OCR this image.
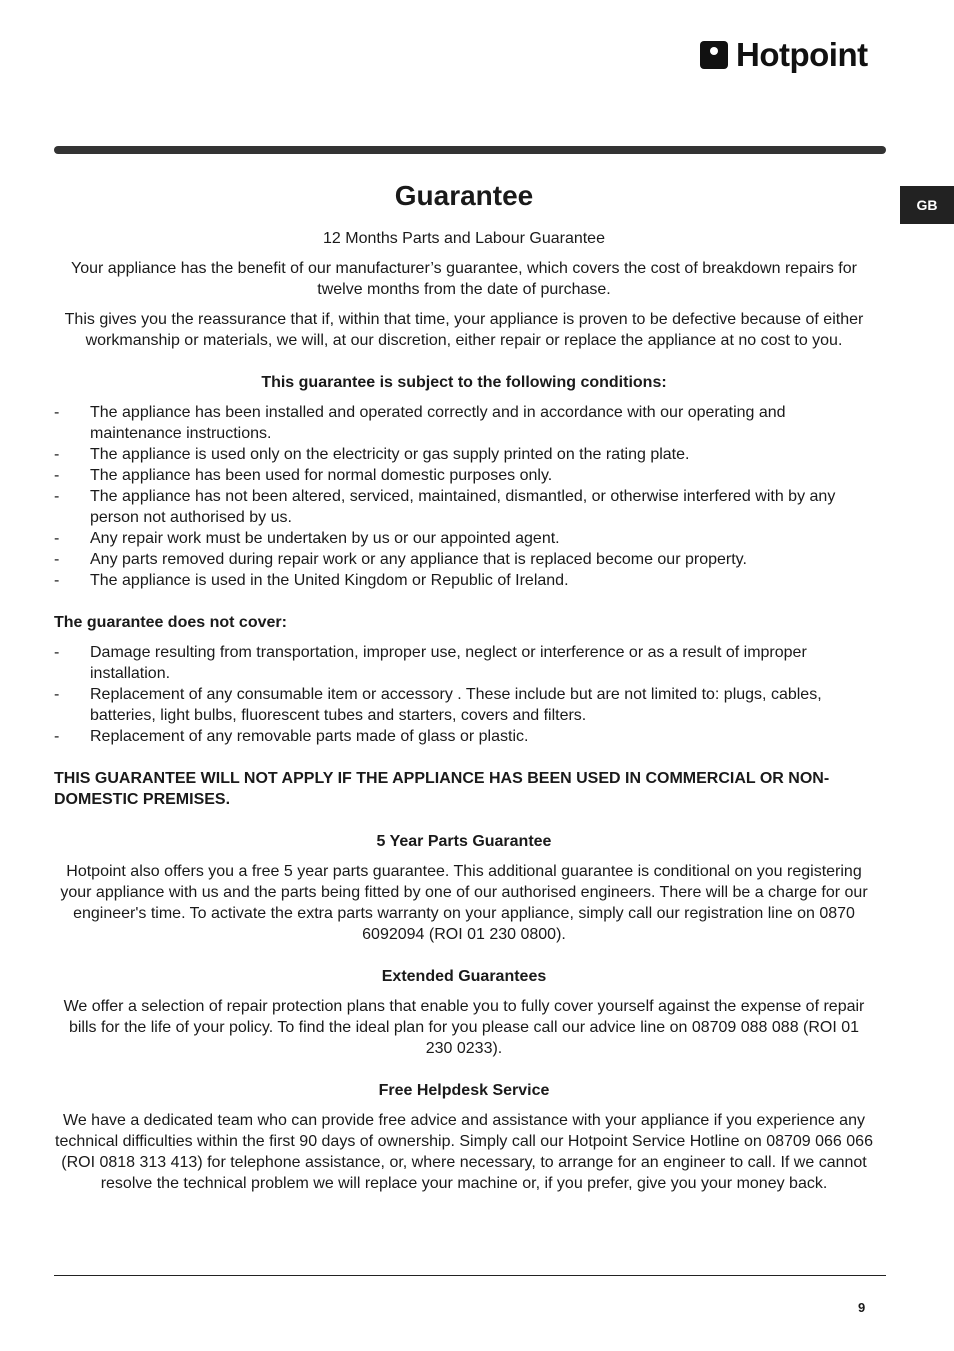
Hotpoint
GB
Guarantee

12 Months Parts and Labour Guarantee

Your appliance has the benefit of our manufacturer’s guarantee, which covers the cost of breakdown repairs for twelve months from the date of purchase.

This gives you the reassurance that if, within that time, your appliance is proven to be defective because of either workmanship or materials, we will, at our discretion, either repair or replace the appliance at no cost to you.

This guarantee is subject to the following conditions:

- The appliance has been installed and operated correctly and in accordance with our operating and maintenance instructions.
- The appliance is used only on the electricity or gas supply printed on the rating plate.
- The appliance has been used for normal domestic purposes only.
- The appliance has not been altered, serviced, maintained, dismantled, or otherwise interfered with by any person not authorised by us.
- Any repair work must be undertaken by us or our appointed agent.
- Any parts removed during repair work or any appliance that is replaced become our property.
- The appliance is used in the United Kingdom or Republic of Ireland.

The guarantee does not cover:

- Damage resulting from transportation, improper use, neglect or interference or as a result of improper installation.
- Replacement of any consumable item or accessory . These include but are not limited to: plugs, cables, batteries, light bulbs, fluorescent tubes and starters, covers and filters.
- Replacement of any removable parts made of glass or plastic.

THIS GUARANTEE WILL NOT APPLY IF THE APPLIANCE HAS BEEN USED IN COMMERCIAL OR NON-DOMESTIC PREMISES.

5 Year Parts Guarantee

Hotpoint also offers you a free 5 year parts guarantee. This additional guarantee is conditional on you registering your appliance with us and the parts being fitted by one of our authorised engineers. There will be a charge for our engineer's time. To activate the extra parts warranty on your appliance, simply call our registration line on 0870 6092094 (ROI 01 230 0800).

Extended Guarantees

We offer a selection of repair protection plans that enable you to fully cover yourself against the expense of repair bills for the life of your policy. To find the ideal plan for you please call our advice line on 08709 088 088 (ROI 01 230 0233).

Free Helpdesk Service

We have a dedicated team who can provide free advice and assistance with your appliance if you experience any technical difficulties within the first 90 days of ownership. Simply call our Hotpoint Service Hotline on 08709 066 066 (ROI 0818 313 413) for telephone assistance, or, where necessary, to arrange for an engineer to call. If we cannot resolve the technical problem we will replace your machine or, if you prefer, give you your money back.

9
